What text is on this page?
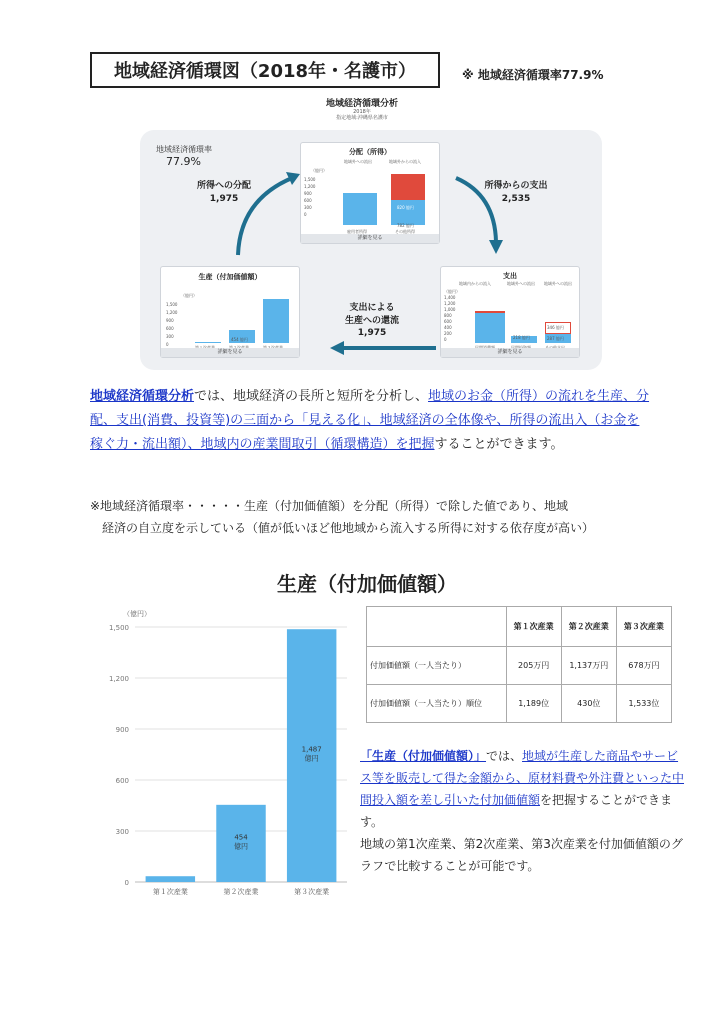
地域経済循環図（2018年・名護市）	※ 地域経済循環率77.9%
地域経済循環分析
2018年
指定地域:沖縄県名護市
地域経済循環率
77.9%
所得への分配
1,975
所得からの支出
2,535
支出による
生産への還流
1,975
分配（所得）
（億円）
地域外への流出	地域外からの流入
1,500
1,200
900
600
300
0
820 億円
782 億円
雇用者所得	その他所得
詳細を見る
生産（付加価値額）
（億円）
1,500
1,200
900
600
300
0
454 億円
詳細を見る
支出
地域内からの流入	地域外への流出 地域外への流出
（億円）
1,400
1,200
1,000
800
600
400
200
0	218 億円
346 億円
287 億円
詳細を見る
地域経済循環分析では、地域経済の長所と短所を分析し、地域のお金（所得）の流れを生産、分配、支出(消費、投資等)の三面から「見える化」、地域経済の全体像や、所得の流出入（お金を稼ぐ力・流出額）、地域内の産業間取引（循環構造）を把握することができます。
※地域経済循環率・・・・・生産（付加価値額）を分配（所得）で除した値であり、地域
経済の自立度を示している（値が低いほど他地域から流入する所得に対する依存度が高い）
生産（付加価値額）
（億円）
0
300
600
900
1,200
1,500
第１次産業	第２次産業
454
億円
第３次産業
1,487
億円
	第１次産業	第２次産業	第３次産業
付加価値額（一人当たり）	205万円	1,137万円	678万円
付加価値額（一人当たり）順位	1,189位	430位	1,533位
「生産（付加価値額）」では、地域が生産した商品やサービス等を販売して得た金額から、原材料費や外注費といった中間投入額を差し引いた付加価値額を把握することができます。
地域の第1次産業、第2次産業、第3次産業を付加価値額のグラフで比較することが可能です。
